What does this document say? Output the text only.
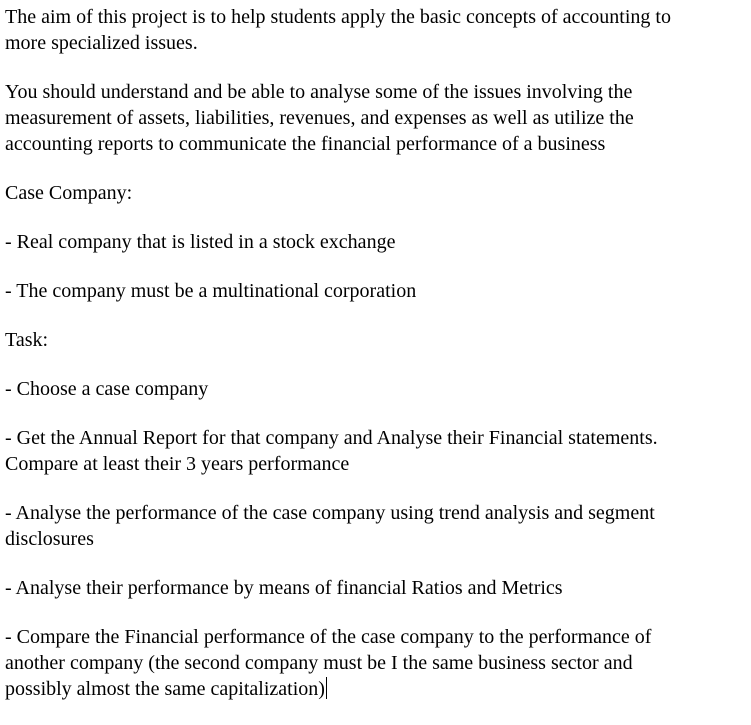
The aim of this project is to help students apply the basic concepts of accounting to
more specialized issues.
You should understand and be able to analyse some of the issues involving the
measurement of assets, liabilities, revenues, and expenses as well as utilize the
accounting reports to communicate the financial performance of a business
Case Company:
- Real company that is listed in a stock exchange
- The company must be a multinational corporation
Task:
- Choose a case company
- Get the Annual Report for that company and Analyse their Financial statements.
Compare at least their 3 years performance
- Analyse the performance of the case company using trend analysis and segment
disclosures
- Analyse their performance by means of financial Ratios and Metrics
- Compare the Financial performance of the case company to the performance of
another company (the second company must be I the same business sector and
possibly almost the same capitalization)
